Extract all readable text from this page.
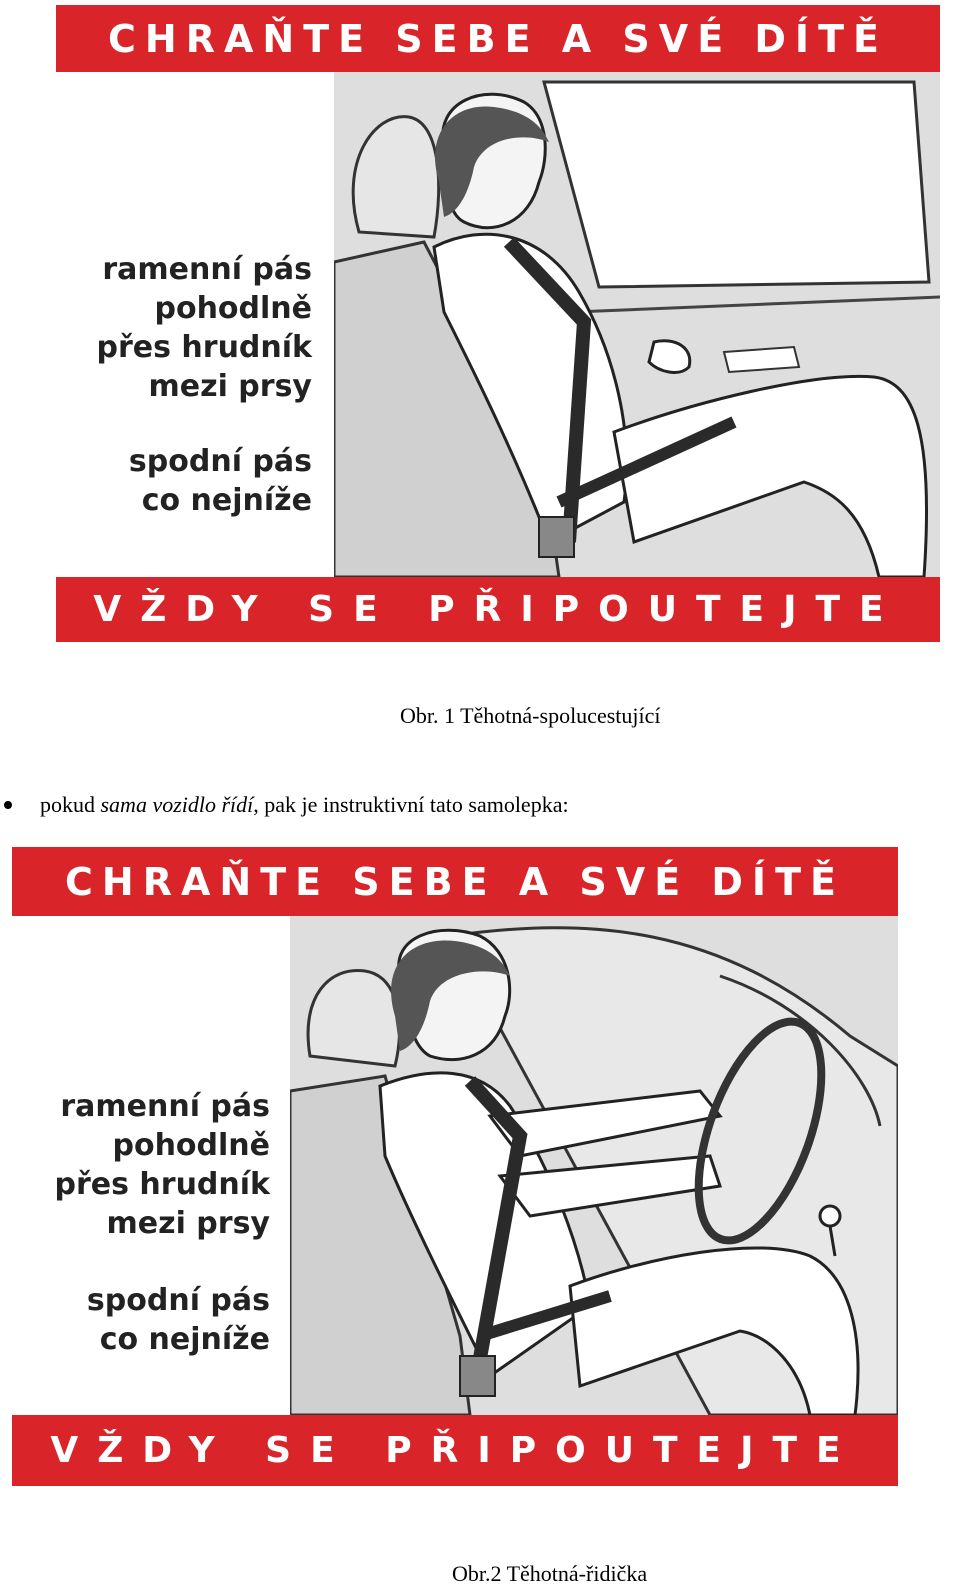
CHRAŇTE SEBE A SVÉ DÍTĚ
ramenní pás
pohodlně
přes hrudník
mezi prsy
spodní pás
co nejníže
VŽDY SE PŘIPOUTEJTE
Obr. 1 Těhotná-spolucestující
pokud sama vozidlo řídí, pak je instruktivní tato samolepka:
CHRAŇTE SEBE A SVÉ DÍTĚ
ramenní pás
pohodlně
přes hrudník
mezi prsy
spodní pás
co nejníže
VŽDY SE PŘIPOUTEJTE
Obr.2 Těhotná-řidička
